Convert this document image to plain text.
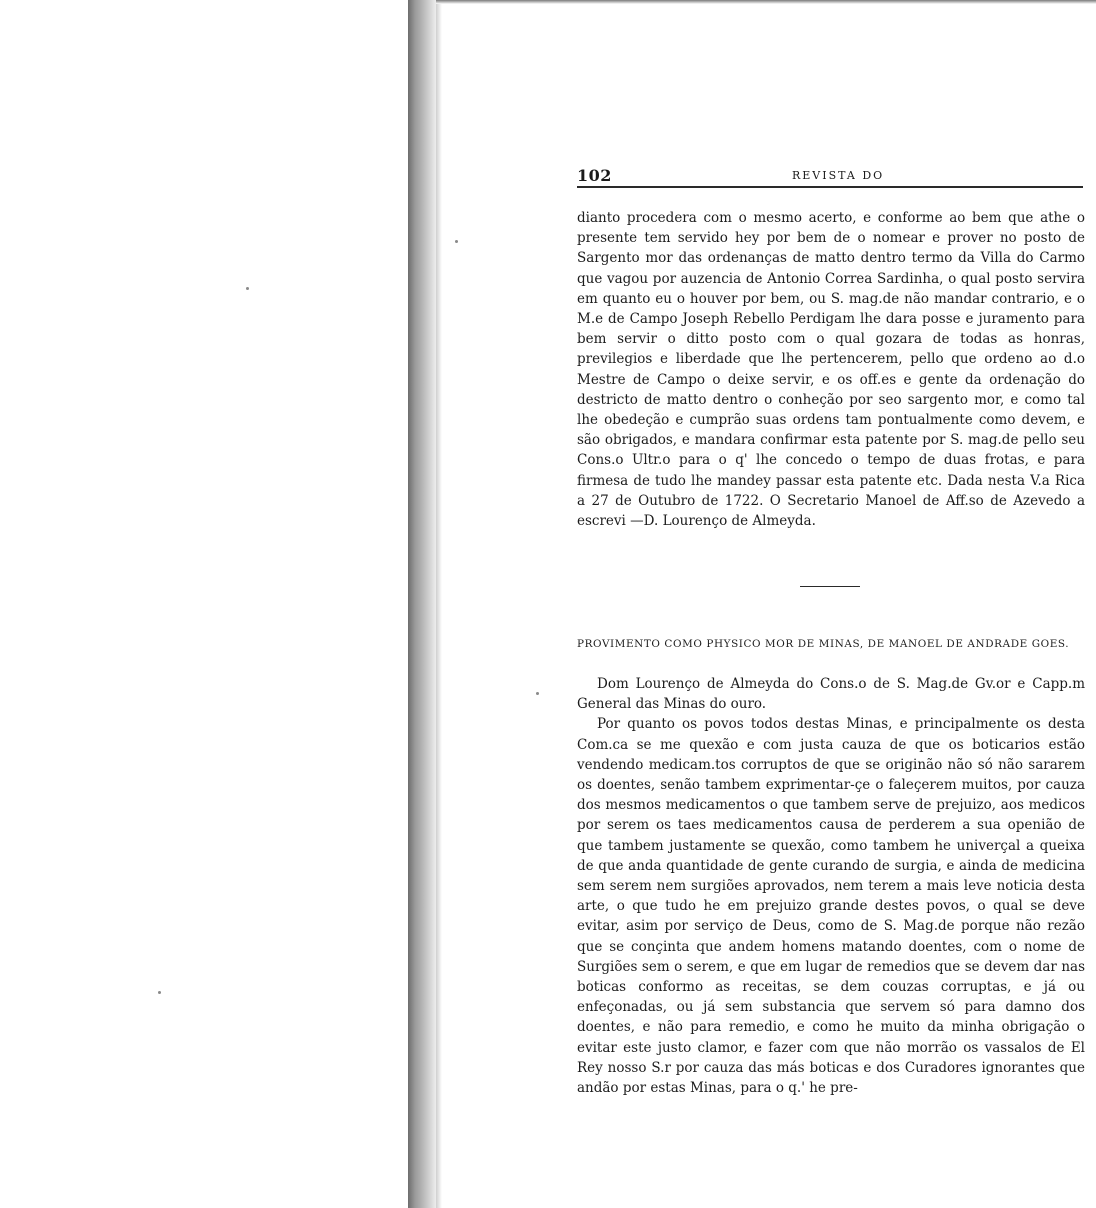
102	REVISTA DO

dianto procedera com o mesmo acerto, e conforme ao bem que athe o presente tem servido hey por bem de o nomear e prover no posto de Sargento mor das ordenanças de matto dentro termo da Villa do Carmo que vagou por auzencia de Antonio Correa Sardinha, o qual posto servira em quanto eu o houver por bem, ou S. mag.de não mandar contrario, e o M.e de Campo Joseph Rebello Perdigam lhe dara posse e juramento para bem servir o ditto posto com o qual gozara de todas as honras, previlegios e liberdade que lhe pertencerem, pello que ordeno ao d.o Mestre de Campo o deixe servir, e os off.es e gente da ordenação do destricto de matto dentro o conheção por seo sargento mor, e como tal lhe obedeção e cumprão suas ordens tam pontualmente como devem, e são obrigados, e mandara confirmar esta patente por S. mag.de pello seu Cons.o Ultr.o para o q' lhe concedo o tempo de duas frotas, e para firmesa de tudo lhe mandey passar esta patente etc. Dada nesta V.a Rica a 27 de Outubro de 1722. O Secretario Manoel de Aff.so de Azevedo a escrevi —D. Lourenço de Almeyda.

PROVIMENTO COMO PHYSICO MOR DE MINAS, DE MANOEL DE ANDRADE GOES.

Dom Lourenço de Almeyda do Cons.o de S. Mag.de Gv.or e Capp.m General das Minas do ouro.

Por quanto os povos todos destas Minas, e principalmente os desta Com.ca se me quexão e com justa cauza de que os boticarios estão vendendo medicam.tos corruptos de que se originão não só não sararem os doentes, senão tambem exprimentar-çe o faleçerem muitos, por cauza dos mesmos medicamentos o que tambem serve de prejuizo, aos medicos por serem os taes medicamentos causa de perderem a sua openião de que tambem justamente se quexão, como tambem he univerçal a queixa de que anda quantidade de gente curando de surgia, e ainda de medicina sem serem nem surgiões aprovados, nem terem a mais leve noticia desta arte, o que tudo he em prejuizo grande destes povos, o qual se deve evitar, asim por serviço de Deus, como de S. Mag.de porque não rezão que se conçinta que andem homens matando doentes, com o nome de Surgiões sem o serem, e que em lugar de remedios que se devem dar nas boticas conformo as receitas, se dem couzas corruptas, e já ou enfeçonadas, ou já sem substancia que servem só para damno dos doentes, e não para remedio, e como he muito da minha obrigação o evitar este justo clamor, e fazer com que não morrão os vassalos de El Rey nosso S.r por cauza das más boticas e dos Curadores ignorantes que andão por estas Minas, para o q.' he pre-
